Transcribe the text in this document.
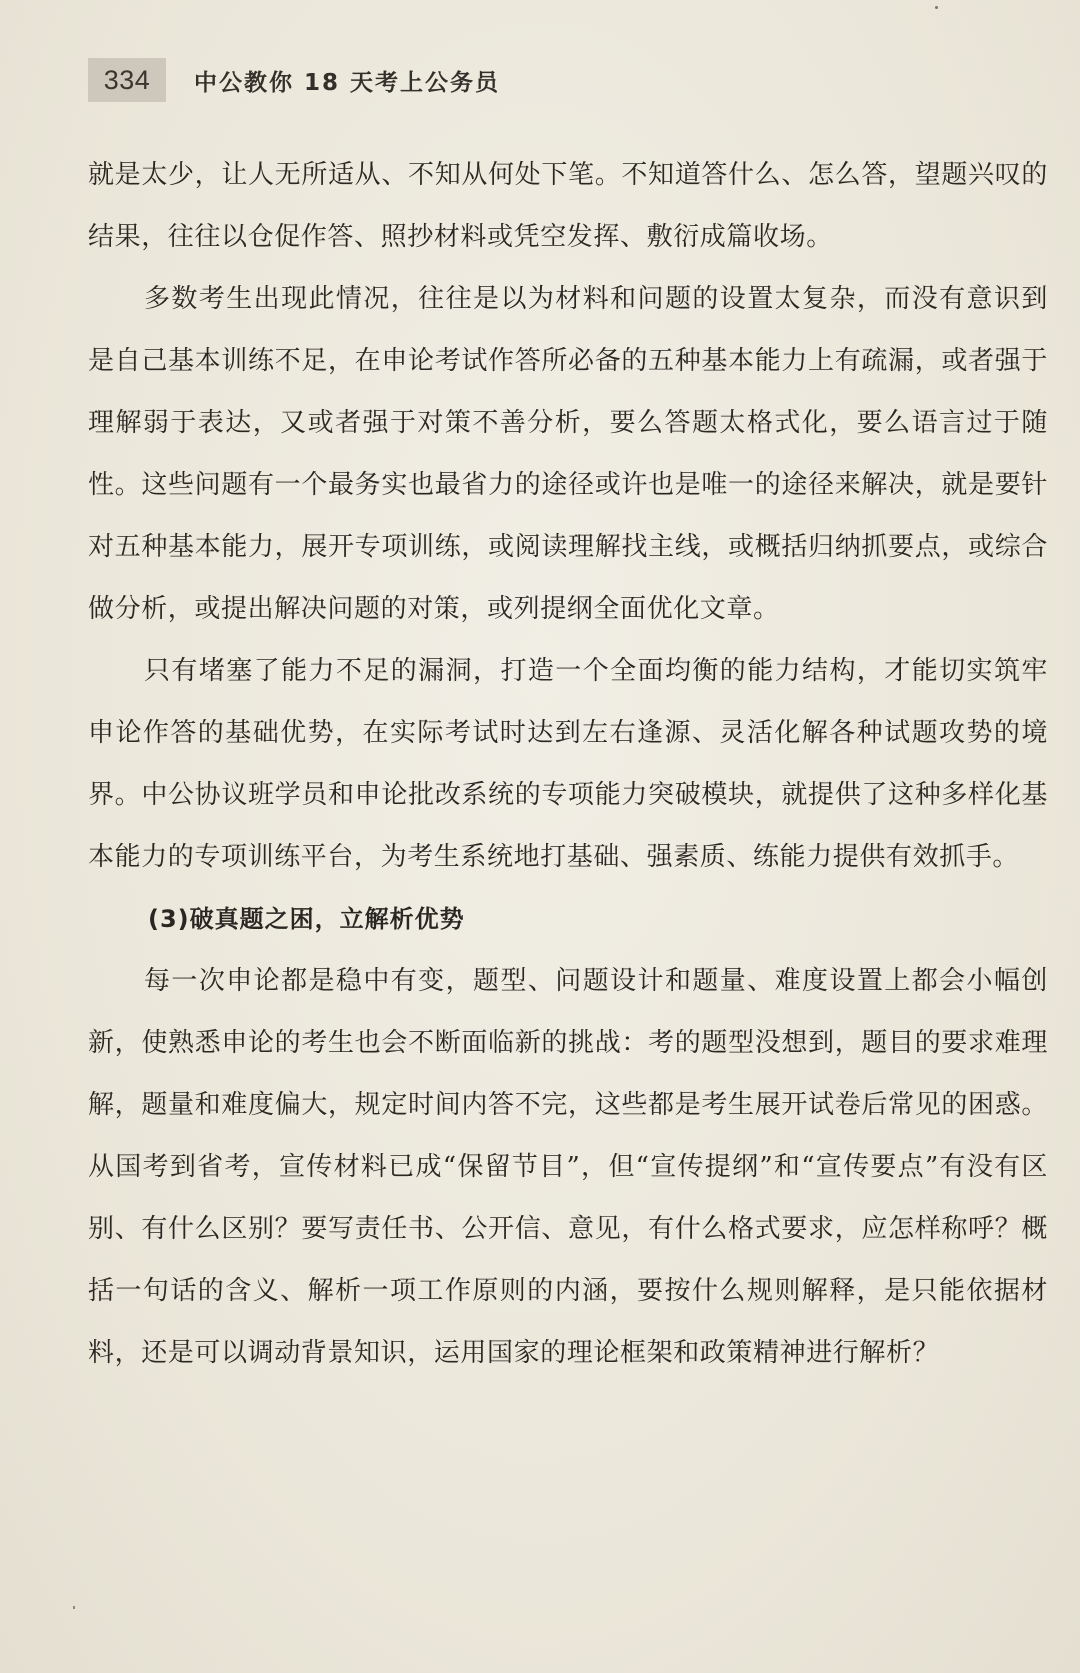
334	中公教你 18 天考上公务员

就是太少，让人无所适从、不知从何处下笔。不知道答什么、怎么答，望题兴叹的结果，往往以仓促作答、照抄材料或凭空发挥、敷衍成篇收场。

多数考生出现此情况，往往是以为材料和问题的设置太复杂，而没有意识到是自己基本训练不足，在申论考试作答所必备的五种基本能力上有疏漏，或者强于理解弱于表达，又或者强于对策不善分析，要么答题太格式化，要么语言过于随性。这些问题有一个最务实也最省力的途径或许也是唯一的途径来解决，就是要针对五种基本能力，展开专项训练，或阅读理解找主线，或概括归纳抓要点，或综合做分析，或提出解决问题的对策，或列提纲全面优化文章。

只有堵塞了能力不足的漏洞，打造一个全面均衡的能力结构，才能切实筑牢申论作答的基础优势，在实际考试时达到左右逢源、灵活化解各种试题攻势的境界。中公协议班学员和申论批改系统的专项能力突破模块，就提供了这种多样化基本能力的专项训练平台，为考生系统地打基础、强素质、练能力提供有效抓手。

(3)破真题之困，立解析优势

每一次申论都是稳中有变，题型、问题设计和题量、难度设置上都会小幅创新，使熟悉申论的考生也会不断面临新的挑战：考的题型没想到，题目的要求难理解，题量和难度偏大，规定时间内答不完，这些都是考生展开试卷后常见的困惑。从国考到省考，宣传材料已成“保留节目”，但“宣传提纲”和“宣传要点”有没有区别、有什么区别？要写责任书、公开信、意见，有什么格式要求，应怎样称呼？概括一句话的含义、解析一项工作原则的内涵，要按什么规则解释，是只能依据材料，还是可以调动背景知识，运用国家的理论框架和政策精神进行解析？
